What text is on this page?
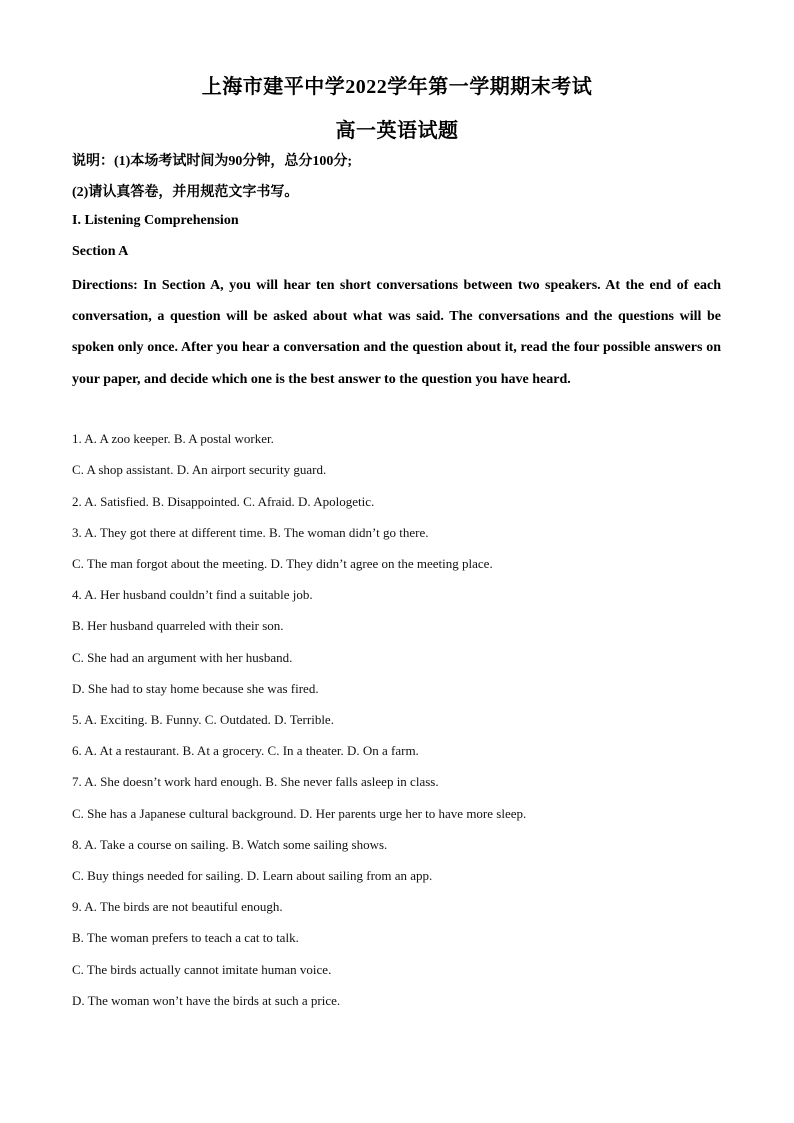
上海市建平中学2022学年第一学期期末考试
高一英语试题
说明：(1)本场考试时间为90分钟，总分100分;
(2)请认真答卷，并用规范文字书写。
I. Listening Comprehension
Section A
Directions: In Section A, you will hear ten short conversations between two speakers. At the end of each conversation, a question will be asked about what was said. The conversations and the questions will be spoken only once. After you hear a conversation and the question about it, read the four possible answers on your paper, and decide which one is the best answer to the question you have heard.
1. A. A zoo keeper. B. A postal worker.
C. A shop assistant. D. An airport security guard.
2. A. Satisfied. B. Disappointed. C. Afraid. D. Apologetic.
3. A. They got there at different time. B. The woman didn’t go there.
C. The man forgot about the meeting. D. They didn’t agree on the meeting place.
4. A. Her husband couldn’t find a suitable job.
B. Her husband quarreled with their son.
C. She had an argument with her husband.
D. She had to stay home because she was fired.
5. A. Exciting. B. Funny. C. Outdated. D. Terrible.
6. A. At a restaurant. B. At a grocery. C. In a theater. D. On a farm.
7. A. She doesn’t work hard enough. B. She never falls asleep in class.
C. She has a Japanese cultural background. D. Her parents urge her to have more sleep.
8. A. Take a course on sailing. B. Watch some sailing shows.
C. Buy things needed for sailing. D. Learn about sailing from an app.
9. A. The birds are not beautiful enough.
B. The woman prefers to teach a cat to talk.
C. The birds actually cannot imitate human voice.
D. The woman won’t have the birds at such a price.
